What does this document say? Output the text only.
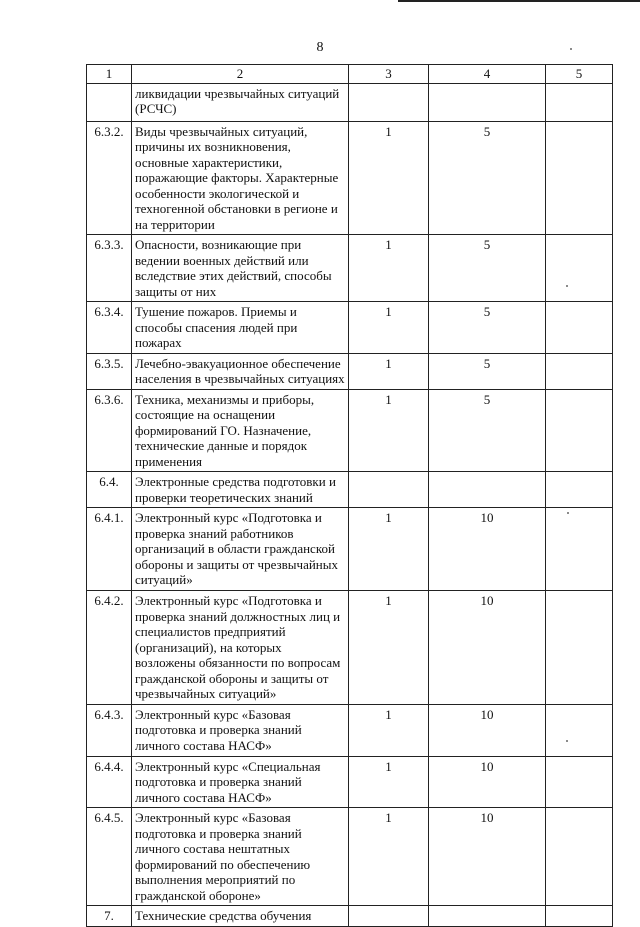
8
1	2	3	4	5
	ликвидации чрезвычайных ситуаций (РСЧС)			
6.3.2.	Виды чрезвычайных ситуаций, причины их возникновения, основные характеристики, поражающие факторы. Характерные особенности экологической и техногенной обстановки в регионе и на территории	1	5	
6.3.3.	Опасности, возникающие при ведении военных действий или вследствие этих действий, способы защиты от них	1	5	
6.3.4.	Тушение пожаров. Приемы и способы спасения людей при пожарах	1	5	
6.3.5.	Лечебно-эвакуационное обеспечение населения в чрезвычайных ситуациях	1	5	
6.3.6.	Техника, механизмы и приборы, состоящие на оснащении формирований ГО. Назначение, технические данные и порядок применения	1	5	
6.4.	Электронные средства подготовки и проверки теоретических знаний			
6.4.1.	Электронный курс «Подготовка и проверка знаний работников организаций в области гражданской обороны и защиты от чрезвычайных ситуаций»	1	10	
6.4.2.	Электронный курс «Подготовка и проверка знаний должностных лиц и специалистов предприятий (организаций), на которых возложены обязанности по вопросам гражданской обороны и защиты от чрезвычайных ситуаций»	1	10	
6.4.3.	Электронный курс «Базовая подготовка и проверка знаний личного состава НАСФ»	1	10	
6.4.4.	Электронный курс «Специальная подготовка и проверка знаний личного состава НАСФ»	1	10	
6.4.5.	Электронный курс «Базовая подготовка и проверка знаний личного состава нештатных формирований по обеспечению выполнения мероприятий по гражданской обороне»	1	10	
7.	Технические средства обучения			
